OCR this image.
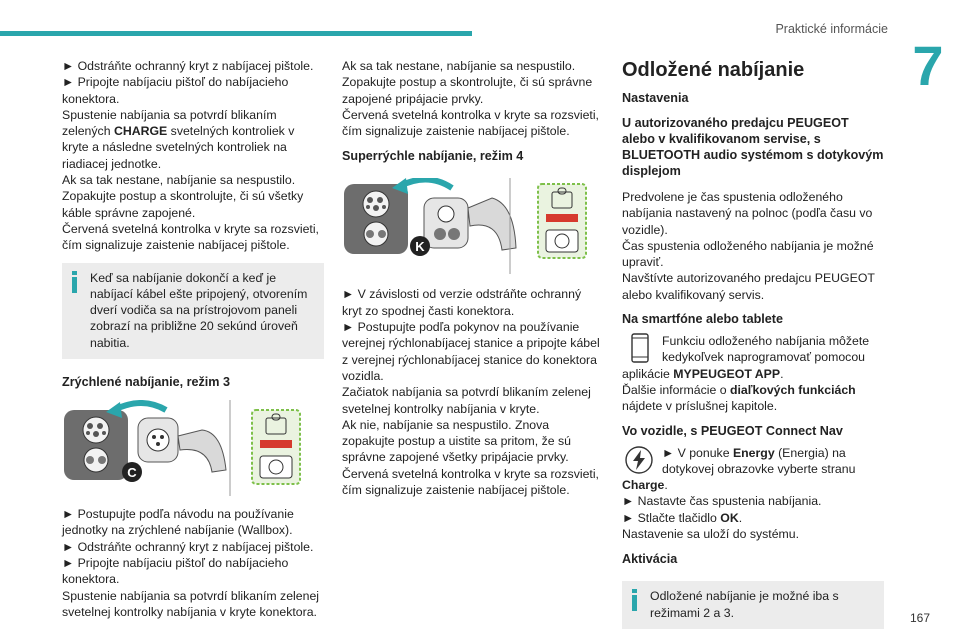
Praktické informácie
7
167

► Odstráňte ochranný kryt z nabíjacej pištole.

► Pripojte nabíjaciu pištoľ do nabíjacieho konektora.

Spustenie nabíjania sa potvrdí blikaním zelených CHARGE svetelných kontroliek v kryte a následne svetelných kontroliek na riadiacej jednotke.

Ak sa tak nestane, nabíjanie sa nespustilo. Zopakujte postup a skontrolujte, či sú všetky káble správne zapojené.

Červená svetelná kontrolka v kryte sa rozsvieti, čím signalizuje zaistenie nabíjacej pištole.

Keď sa nabíjanie dokončí a keď je nabíjací kábel ešte pripojený, otvorením dverí vodiča sa na prístrojovom paneli zobrazí na približne 20 sekúnd úroveň nabitia.

Zrýchlené nabíjanie, režim 3
C

► Postupujte podľa návodu na používanie jednotky na zrýchlené nabíjanie (Wallbox).

► Odstráňte ochranný kryt z nabíjacej pištole.

► Pripojte nabíjaciu pištoľ do nabíjacieho konektora.

Spustenie nabíjania sa potvrdí blikaním zelenej svetelnej kontrolky nabíjania v kryte konektora.

Ak sa tak nestane, nabíjanie sa nespustilo. Zopakujte postup a skontrolujte, či sú správne zapojené pripájacie prvky.

Červená svetelná kontrolka v kryte sa rozsvieti, čím signalizuje zaistenie nabíjacej pištole.

Superrýchle nabíjanie, režim 4
K

► V závislosti od verzie odstráňte ochranný kryt zo spodnej časti konektora.

► Postupujte podľa pokynov na používanie verejnej rýchlonabíjacej stanice a pripojte kábel z verejnej rýchlonabíjacej stanice do konektora vozidla.

Začiatok nabíjania sa potvrdí blikaním zelenej svetelnej kontrolky nabíjania v kryte.

Ak nie, nabíjanie sa nespustilo. Znova zopakujte postup a uistite sa pritom, že sú správne zapojené všetky pripájacie prvky.

Červená svetelná kontrolka v kryte sa rozsvieti, čím signalizuje zaistenie nabíjacej pištole.

Odložené nabíjanie
Nastavenia
U autorizovaného predajcu PEUGEOT alebo v kvalifikovanom servise, s BLUETOOTH audio systémom s dotykovým displejom

Predvolene je čas spustenia odloženého nabíjania nastavený na polnoc (podľa času vo vozidle).

Čas spustenia odloženého nabíjania je možné upraviť.

Navštívte autorizovaného predajcu PEUGEOT alebo kvalifikovaný servis.

Na smartfóne alebo tablete

Funkciu odloženého nabíjania môžete kedykoľvek naprogramovať pomocou aplikácie MYPEUGEOT APP.

Ďalšie informácie o diaľkových funkciách nájdete v príslušnej kapitole.

Vo vozidle, s PEUGEOT Connect Nav

► V ponuke Energy (Energia) na dotykovej obrazovke vyberte stranu Charge.

► Nastavte čas spustenia nabíjania.

► Stlačte tlačidlo OK.

Nastavenie sa uloží do systému.

Aktivácia

Odložené nabíjanie je možné iba s režimami 2 a 3.
